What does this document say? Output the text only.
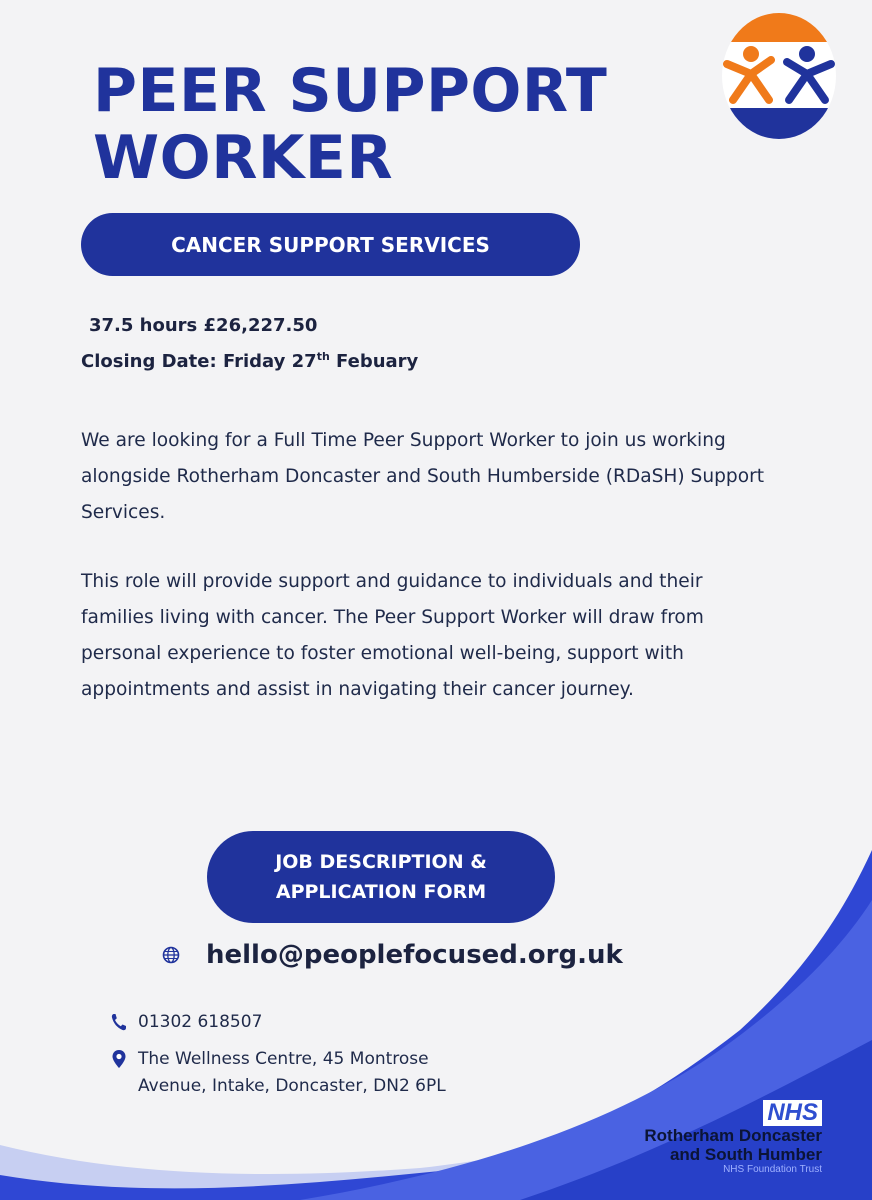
PEER SUPPORT
WORKER
CANCER SUPPORT SERVICES
37.5 hours £26,227.50
Closing Date: Friday 27th Febuary

We are looking for a Full Time Peer Support Worker to join us working alongside Rotherham Doncaster and South Humberside (RDaSH) Support Services.

This role will provide support and guidance to individuals and their families living with cancer. The Peer Support Worker will draw from personal experience to foster emotional well-being, support with appointments and assist in navigating their cancer journey.

JOB DESCRIPTION &
APPLICATION FORM
hello@peoplefocused.org.uk
01302 618507
The Wellness Centre, 45 Montrose Avenue, Intake, Doncaster, DN2 6PL
NHS
Rotherham Doncaster
and South Humber
NHS Foundation Trust
